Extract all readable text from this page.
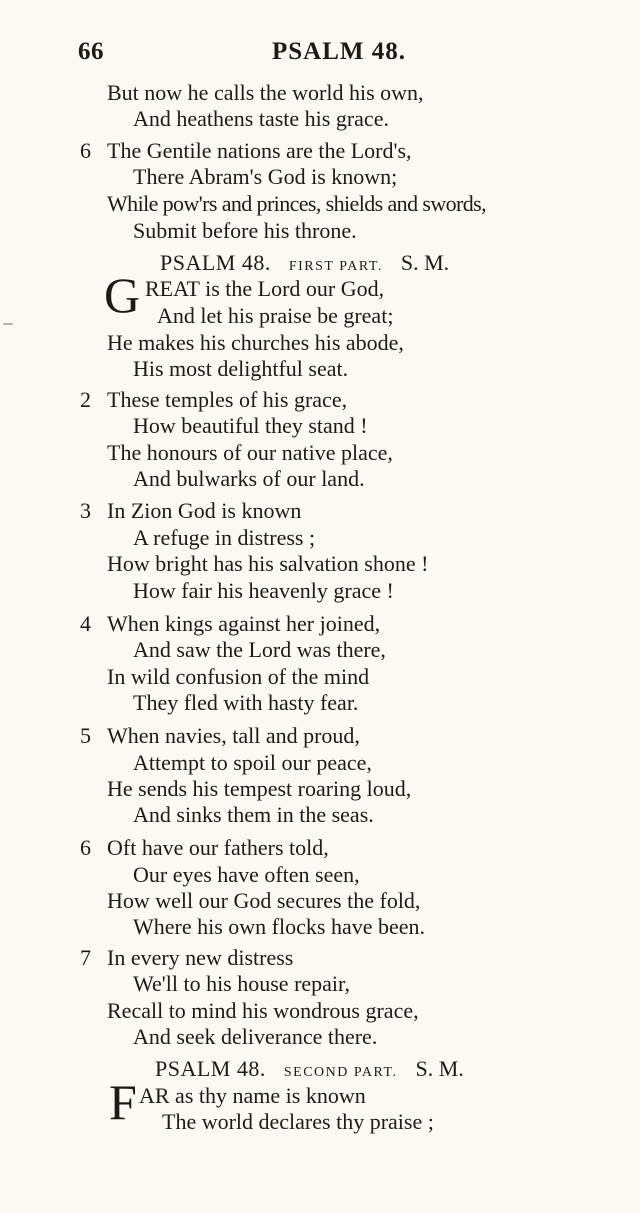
66	PSALM 48.
But now he calls the world his own,
And heathens taste his grace.
6 The Gentile nations are the Lord's,
There Abram's God is known;
While pow'rs and princes, shields and swords,
Submit before his throne.
PSALM 48. FIRST PART. S. M.
G REAT is the Lord our God,
And let his praise be great;
He makes his churches his abode,
His most delightful seat.
2 These temples of his grace,
How beautiful they stand !
The honours of our native place,
And bulwarks of our land.
3 In Zion God is known
A refuge in distress ;
How bright has his salvation shone !
How fair his heavenly grace !
4 When kings against her joined,
And saw the Lord was there,
In wild confusion of the mind
They fled with hasty fear.
5 When navies, tall and proud,
Attempt to spoil our peace,
He sends his tempest roaring loud,
And sinks them in the seas.
6 Oft have our fathers told,
Our eyes have often seen,
How well our God secures the fold,
Where his own flocks have been.
7 In every new distress
We'll to his house repair,
Recall to mind his wondrous grace,
And seek deliverance there.
PSALM 48. SECOND PART. S. M.
F AR as thy name is known
The world declares thy praise ;
